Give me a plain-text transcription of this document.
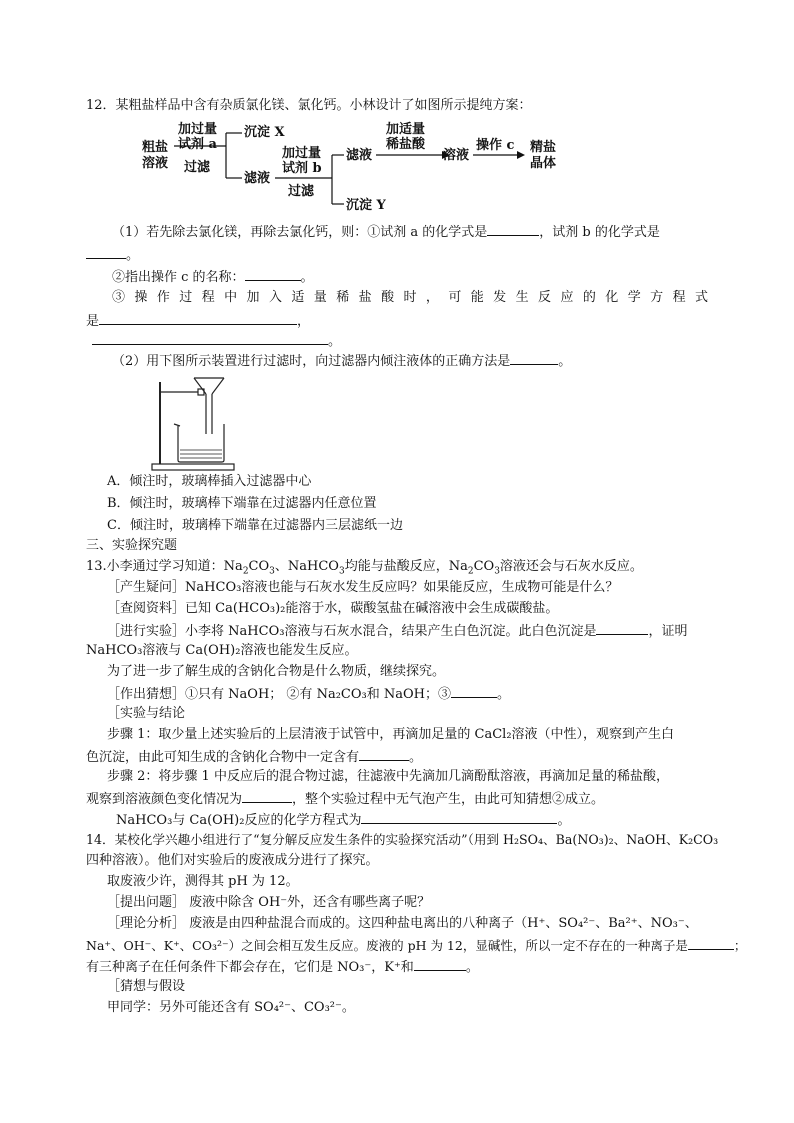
12．某粗盐样品中含有杂质氯化镁、氯化钙。小林设计了如图所示提纯方案：
粗盐
溶液
加过量
试剂 a
过滤
沉淀 X
滤液
加过量
试剂 b
过滤
滤液
沉淀 Y
加适量
稀盐酸
溶液
操作 c 精盐
晶体
（1）若先除去氯化镁，再除去氯化钙，则：①试剂 a 的化学式是	，试剂 b 的化学式是
。
②指出操作 c 的名称：	。
③ 操 作 过 程 中 加 入 适 量 稀 盐 酸 时 ， 可 能 发 生 反 应 的 化 学 方 程 式
是	，
。
（2）用下图所示装置进行过滤时，向过滤器内倾注液体的正确方法是	。
A．倾注时，玻璃棒插入过滤器中心
B．倾注时，玻璃棒下端靠在过滤器内任意位置
C．倾注时，玻璃棒下端靠在过滤器内三层滤纸一边
三、实验探究题
13.小李通过学习知道：$Na_2CO_3$、NaHCO$_3$均能与盐酸反应，$Na_2CO_3$溶液还会与石灰水反应。
［产生疑问］NaHCO₃溶液也能与石灰水发生反应吗？如果能反应，生成物可能是什么？
［查阅资料］已知 Ca(HCO₃)₂能溶于水，碳酸氢盐在碱溶液中会生成碳酸盐。
［进行实验］小李将 NaHCO₃溶液与石灰水混合，结果产生白色沉淀。此白色沉淀是	，证明
NaHCO₃溶液与 Ca(OH)₂溶液也能发生反应。
为了进一步了解生成的含钠化合物是什么物质，继续探究。
［作出猜想］①只有 NaOH； ②有 Na₂CO₃和 NaOH；③	。
［实验与结论
步骤 1：取少量上述实验后的上层清液于试管中，再滴加足量的 CaCl₂溶液（中性），观察到产生白
色沉淀，由此可知生成的含钠化合物中一定含有	。
步骤 2：将步骤 1 中反应后的混合物过滤，往滤液中先滴加几滴酚酞溶液，再滴加足量的稀盐酸，
观察到溶液颜色变化情况为	，整个实验过程中无气泡产生，由此可知猜想②成立。
NaHCO₃与 Ca(OH)₂反应的化学方程式为	。
14．某校化学兴趣小组进行了“复分解反应发生条件的实验探究活动”（用到 H₂SO₄、Ba(NO₃)₂、NaOH、K₂CO₃
四种溶液）。他们对实验后的废液成分进行了探究。
取废液少许，测得其 pH 为 12。
［提出问题］ 废液中除含 OH⁻外，还含有哪些离子呢？
［理论分析］ 废液是由四种盐混合而成的。这四种盐电离出的八种离子（H⁺、SO₄²⁻、Ba²⁺、NO₃⁻、
Na⁺、OH⁻、K⁺、CO₃²⁻）之间会相互发生反应。废液的 pH 为 12，显碱性，所以一定不存在的一种离子是	；
有三种离子在任何条件下都会存在，它们是 NO₃⁻，K⁺和	。
［猜想与假设
甲同学：另外可能还含有 SO₄²⁻、CO₃²⁻。
